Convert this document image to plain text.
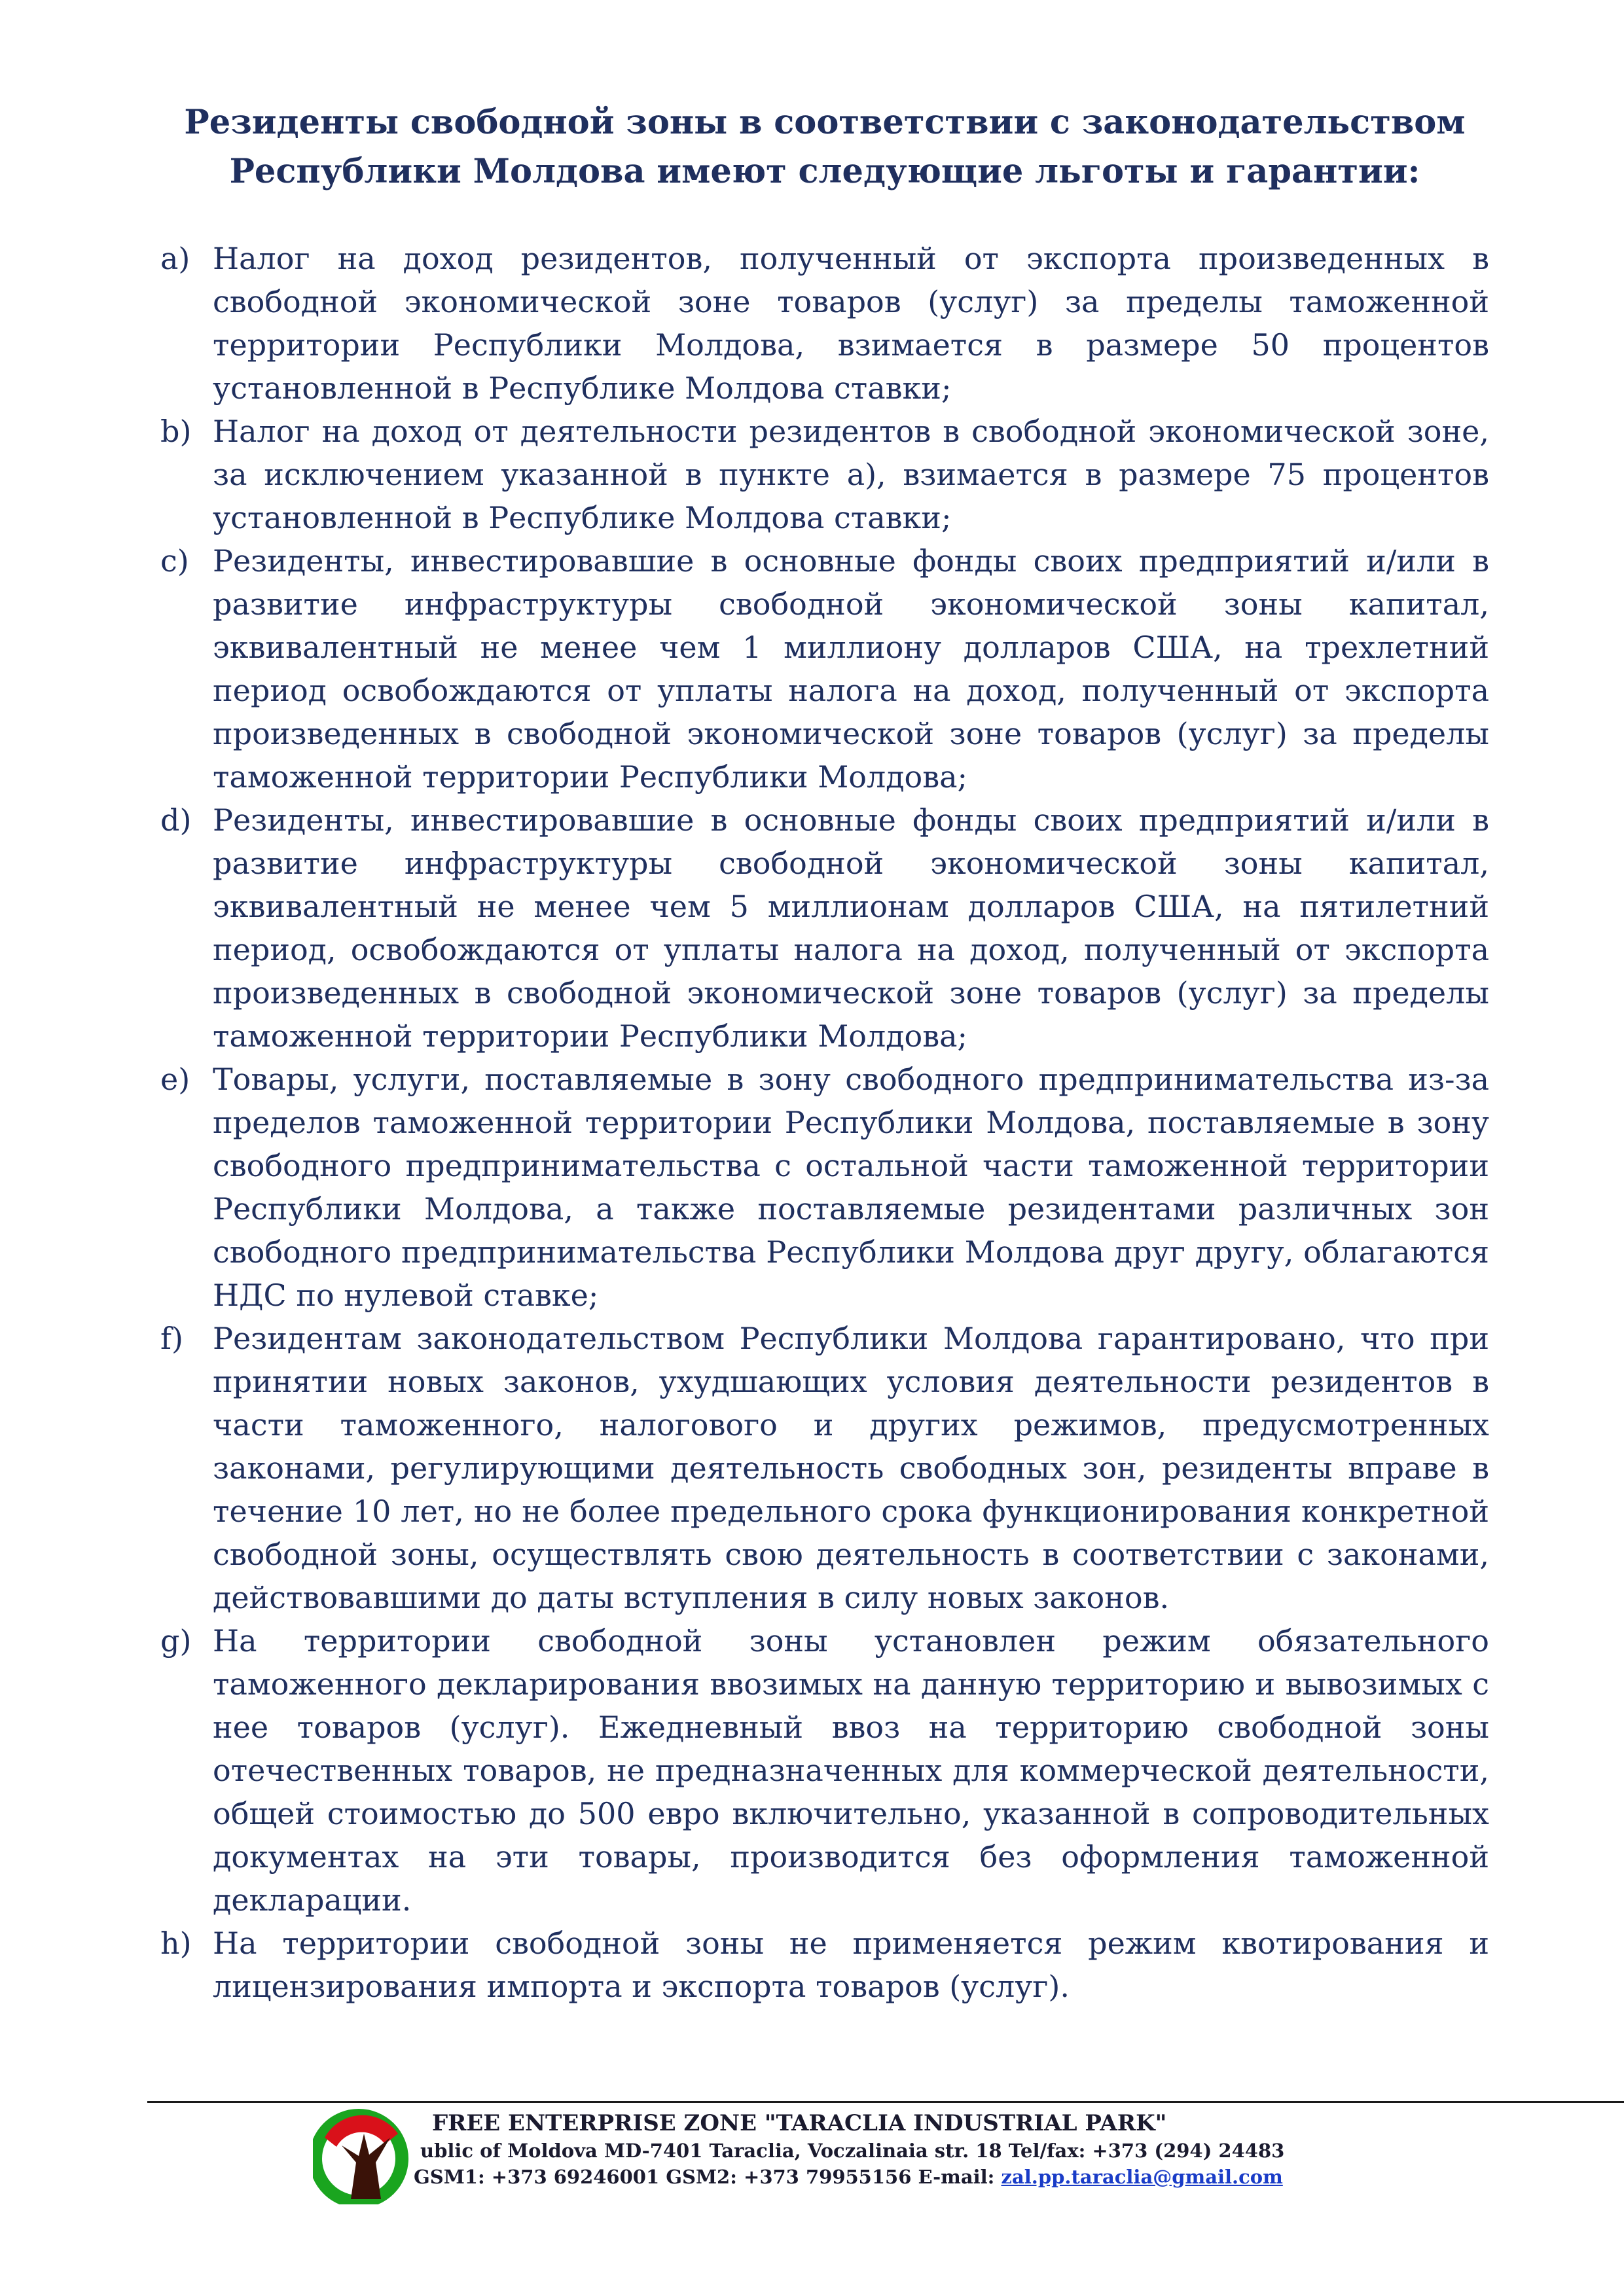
Резиденты свободной зоны в соответствии с законодательством
Республики Молдова имеют следующие льготы и гарантии:
a) Налог на доход резидентов, полученный от экспорта произведенных в свободной экономической зоне товаров (услуг) за пределы таможенной территории Республики Молдова, взимается в размере 50 процентов установленной в Республике Молдова ставки;
b) Налог на доход от деятельности резидентов в свободной экономической зоне, за исключением указанной в пункте а), взимается в размере 75 процентов установленной в Республике Молдова ставки;
c) Резиденты, инвестировавшие в основные фонды своих предприятий и/или в развитие инфраструктуры свободной экономической зоны капитал, эквивалентный не менее чем 1 миллиону долларов США, на трехлетний период освобождаются от уплаты налога на доход, полученный от экспорта произведенных в свободной экономической зоне товаров (услуг) за пределы таможенной территории Республики Молдова;
d) Резиденты, инвестировавшие в основные фонды своих предприятий и/или в развитие инфраструктуры свободной экономической зоны капитал, эквивалентный не менее чем 5 миллионам долларов США, на пятилетний период, освобождаются от уплаты налога на доход, полученный от экспорта произведенных в свободной экономической зоне товаров (услуг) за пределы таможенной территории Республики Молдова;
e) Товары, услуги, поставляемые в зону свободного предпринимательства из-за пределов таможенной территории Республики Молдова, поставляемые в зону свободного предпринимательства с остальной части таможенной территории Республики Молдова, а также поставляемые резидентами различных зон свободного предпринимательства Республики Молдова друг другу, облагаются НДС по нулевой ставке;
f) Резидентам законодательством Республики Молдова гарантировано, что при принятии новых законов, ухудшающих условия деятельности резидентов в части таможенного, налогового и других режимов, предусмотренных законами, регулирующими деятельность свободных зон, резиденты вправе в течение 10 лет, но не более предельного срока функционирования конкретной свободной зоны, осуществлять свою деятельность в соответствии с законами, действовавшими до даты вступления в силу новых законов.
g) На территории свободной зоны установлен режим обязательного таможенного декларирования ввозимых на данную территорию и вывозимых с нее товаров (услуг). Ежедневный ввоз на территорию свободной зоны отечественных товаров, не предназначенных для коммерческой деятельности, общей стоимостью до 500 евро включительно, указанной в сопроводительных документах на эти товары, производится без оформления таможенной декларации.
h) На территории свободной зоны не применяется режим квотирования и лицензирования импорта и экспорта товаров (услуг).
FREE ENTERPRISE ZONE "TARACLIA INDUSTRIAL PARK"
ublic of Moldova MD-7401 Taraclia, Voczalinaia str. 18 Tel/fax: +373 (294) 24483
GSM1: +373 69246001 GSM2: +373 79955156 E-mail: zal.pp.taraclia@gmail.com
